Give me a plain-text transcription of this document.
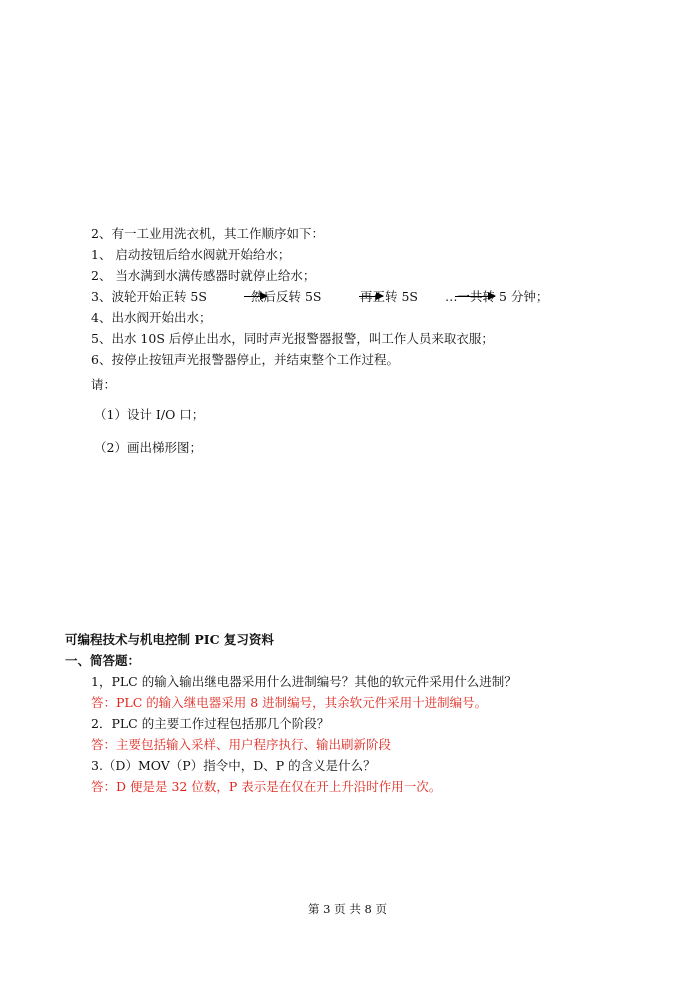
2、有一工业用洗衣机，其工作顺序如下：
1、 启动按钮后给水阀就开始给水；
2、 当水满到水满传感器时就停止给水；
3、波轮开始正转 5S	然后反转 5S	再正转 5S …一共转 5 分钟；
4、出水阀开始出水；
5、出水 10S 后停止出水，同时声光报警器报警，叫工作人员来取衣服；
6、按停止按钮声光报警器停止，并结束整个工作过程。
请：
（1）设计 I/O 口；
（2）画出梯形图；
可编程技术与机电控制 PIC 复习资料
一、简答题：
1，PLC 的输入输出继电器采用什么进制编号？其他的软元件采用什么进制？
答：PLC 的输入继电器采用 8 进制编号，其余软元件采用十进制编号。
2．PLC 的主要工作过程包括那几个阶段？
答：主要包括输入采样、用户程序执行、输出刷新阶段
3.（D）MOV（P）指令中，D、P 的含义是什么？
答：D 便是是 32 位数，P 表示是在仅在开上升沿时作用一次。
第 3 页 共 8 页
